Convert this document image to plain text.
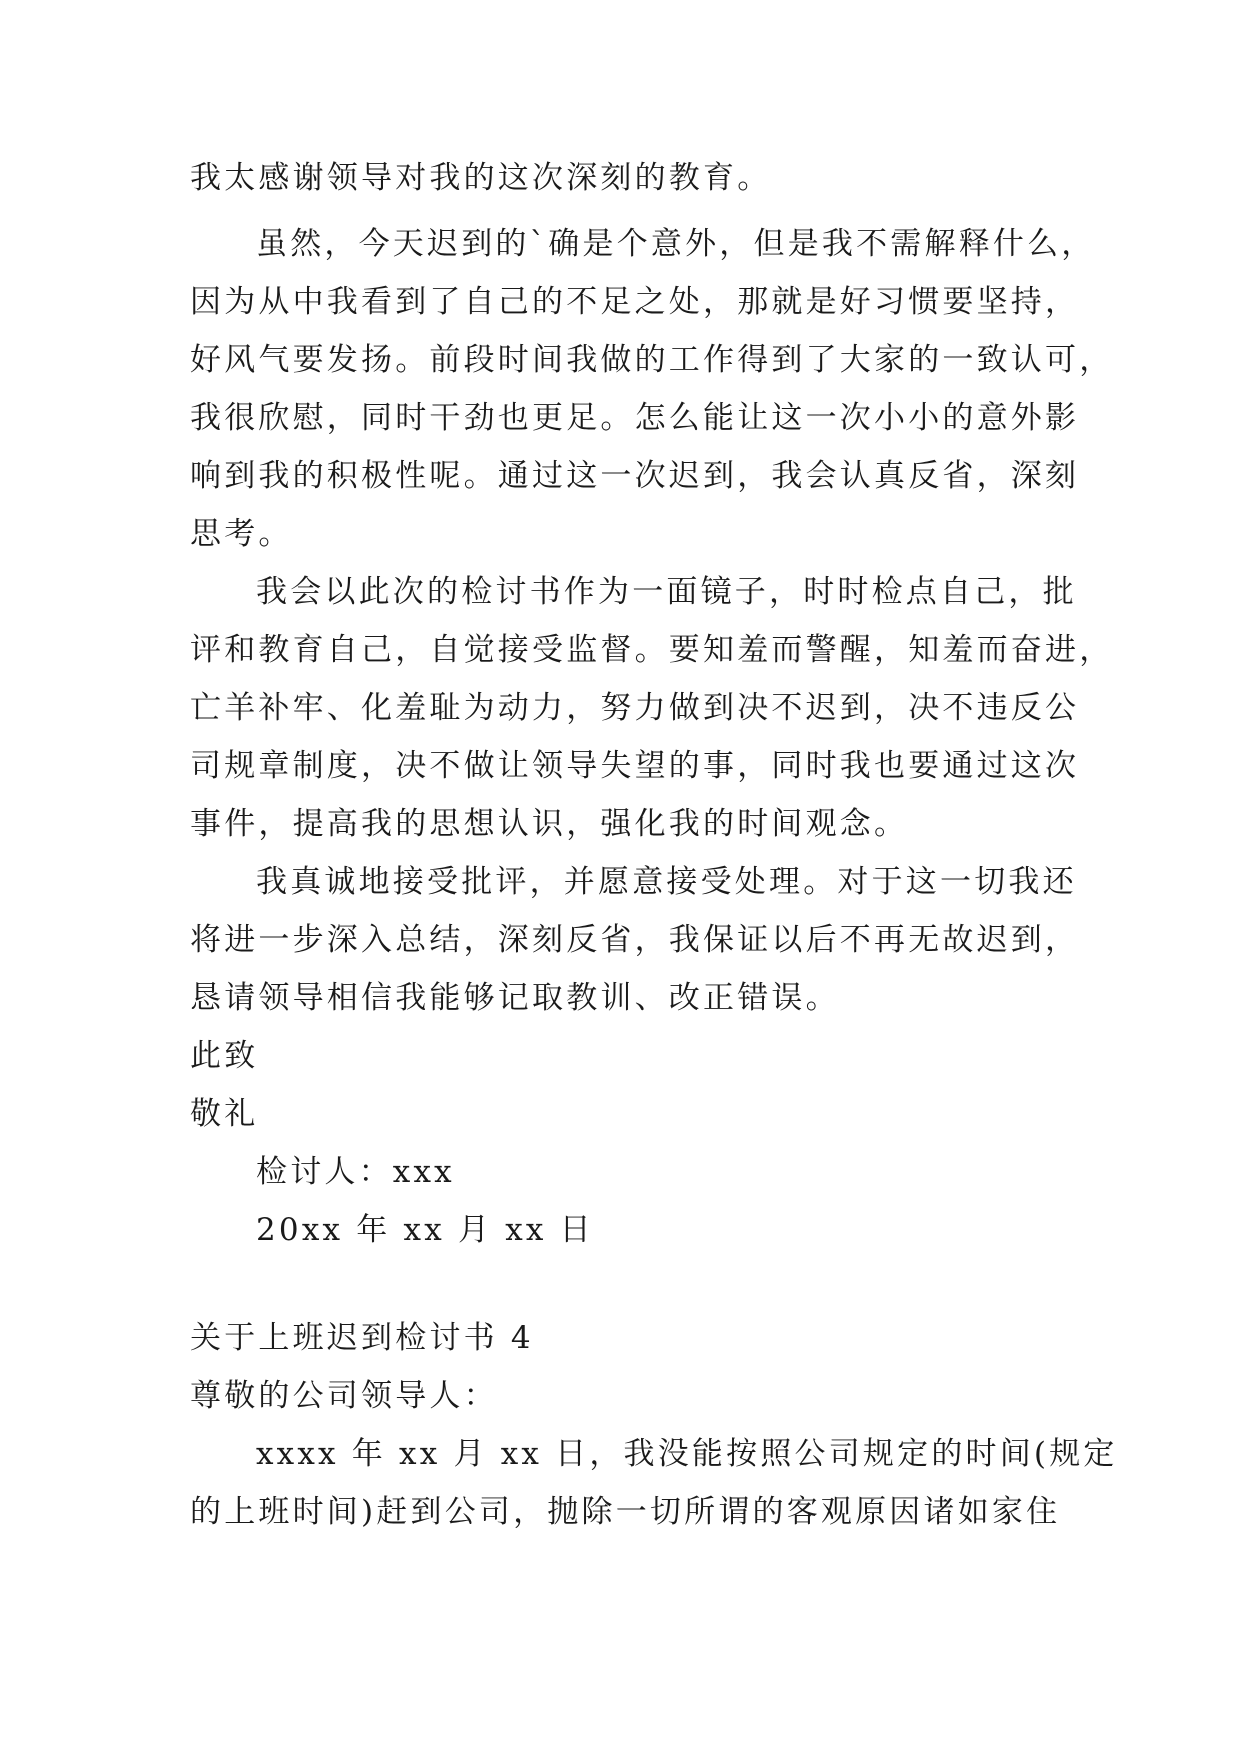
我太感谢领导对我的这次深刻的教育。
虽然，今天迟到的`确是个意外，但是我不需解释什么，
因为从中我看到了自己的不足之处，那就是好习惯要坚持，
好风气要发扬。前段时间我做的工作得到了大家的一致认可，
我很欣慰，同时干劲也更足。怎么能让这一次小小的意外影
响到我的积极性呢。通过这一次迟到，我会认真反省，深刻
思考。
我会以此次的检讨书作为一面镜子，时时检点自己，批
评和教育自己，自觉接受监督。要知羞而警醒，知羞而奋进，
亡羊补牢、化羞耻为动力，努力做到决不迟到，决不违反公
司规章制度，决不做让领导失望的事，同时我也要通过这次
事件，提高我的思想认识，强化我的时间观念。
我真诚地接受批评，并愿意接受处理。对于这一切我还
将进一步深入总结，深刻反省，我保证以后不再无故迟到，
恳请领导相信我能够记取教训、改正错误。
此致
敬礼
检讨人：xxx
20xx 年 xx 月 xx 日
关于上班迟到检讨书 4
尊敬的公司领导人：
xxxx 年 xx 月 xx 日，我没能按照公司规定的时间(规定
的上班时间)赶到公司，抛除一切所谓的客观原因诸如家住
